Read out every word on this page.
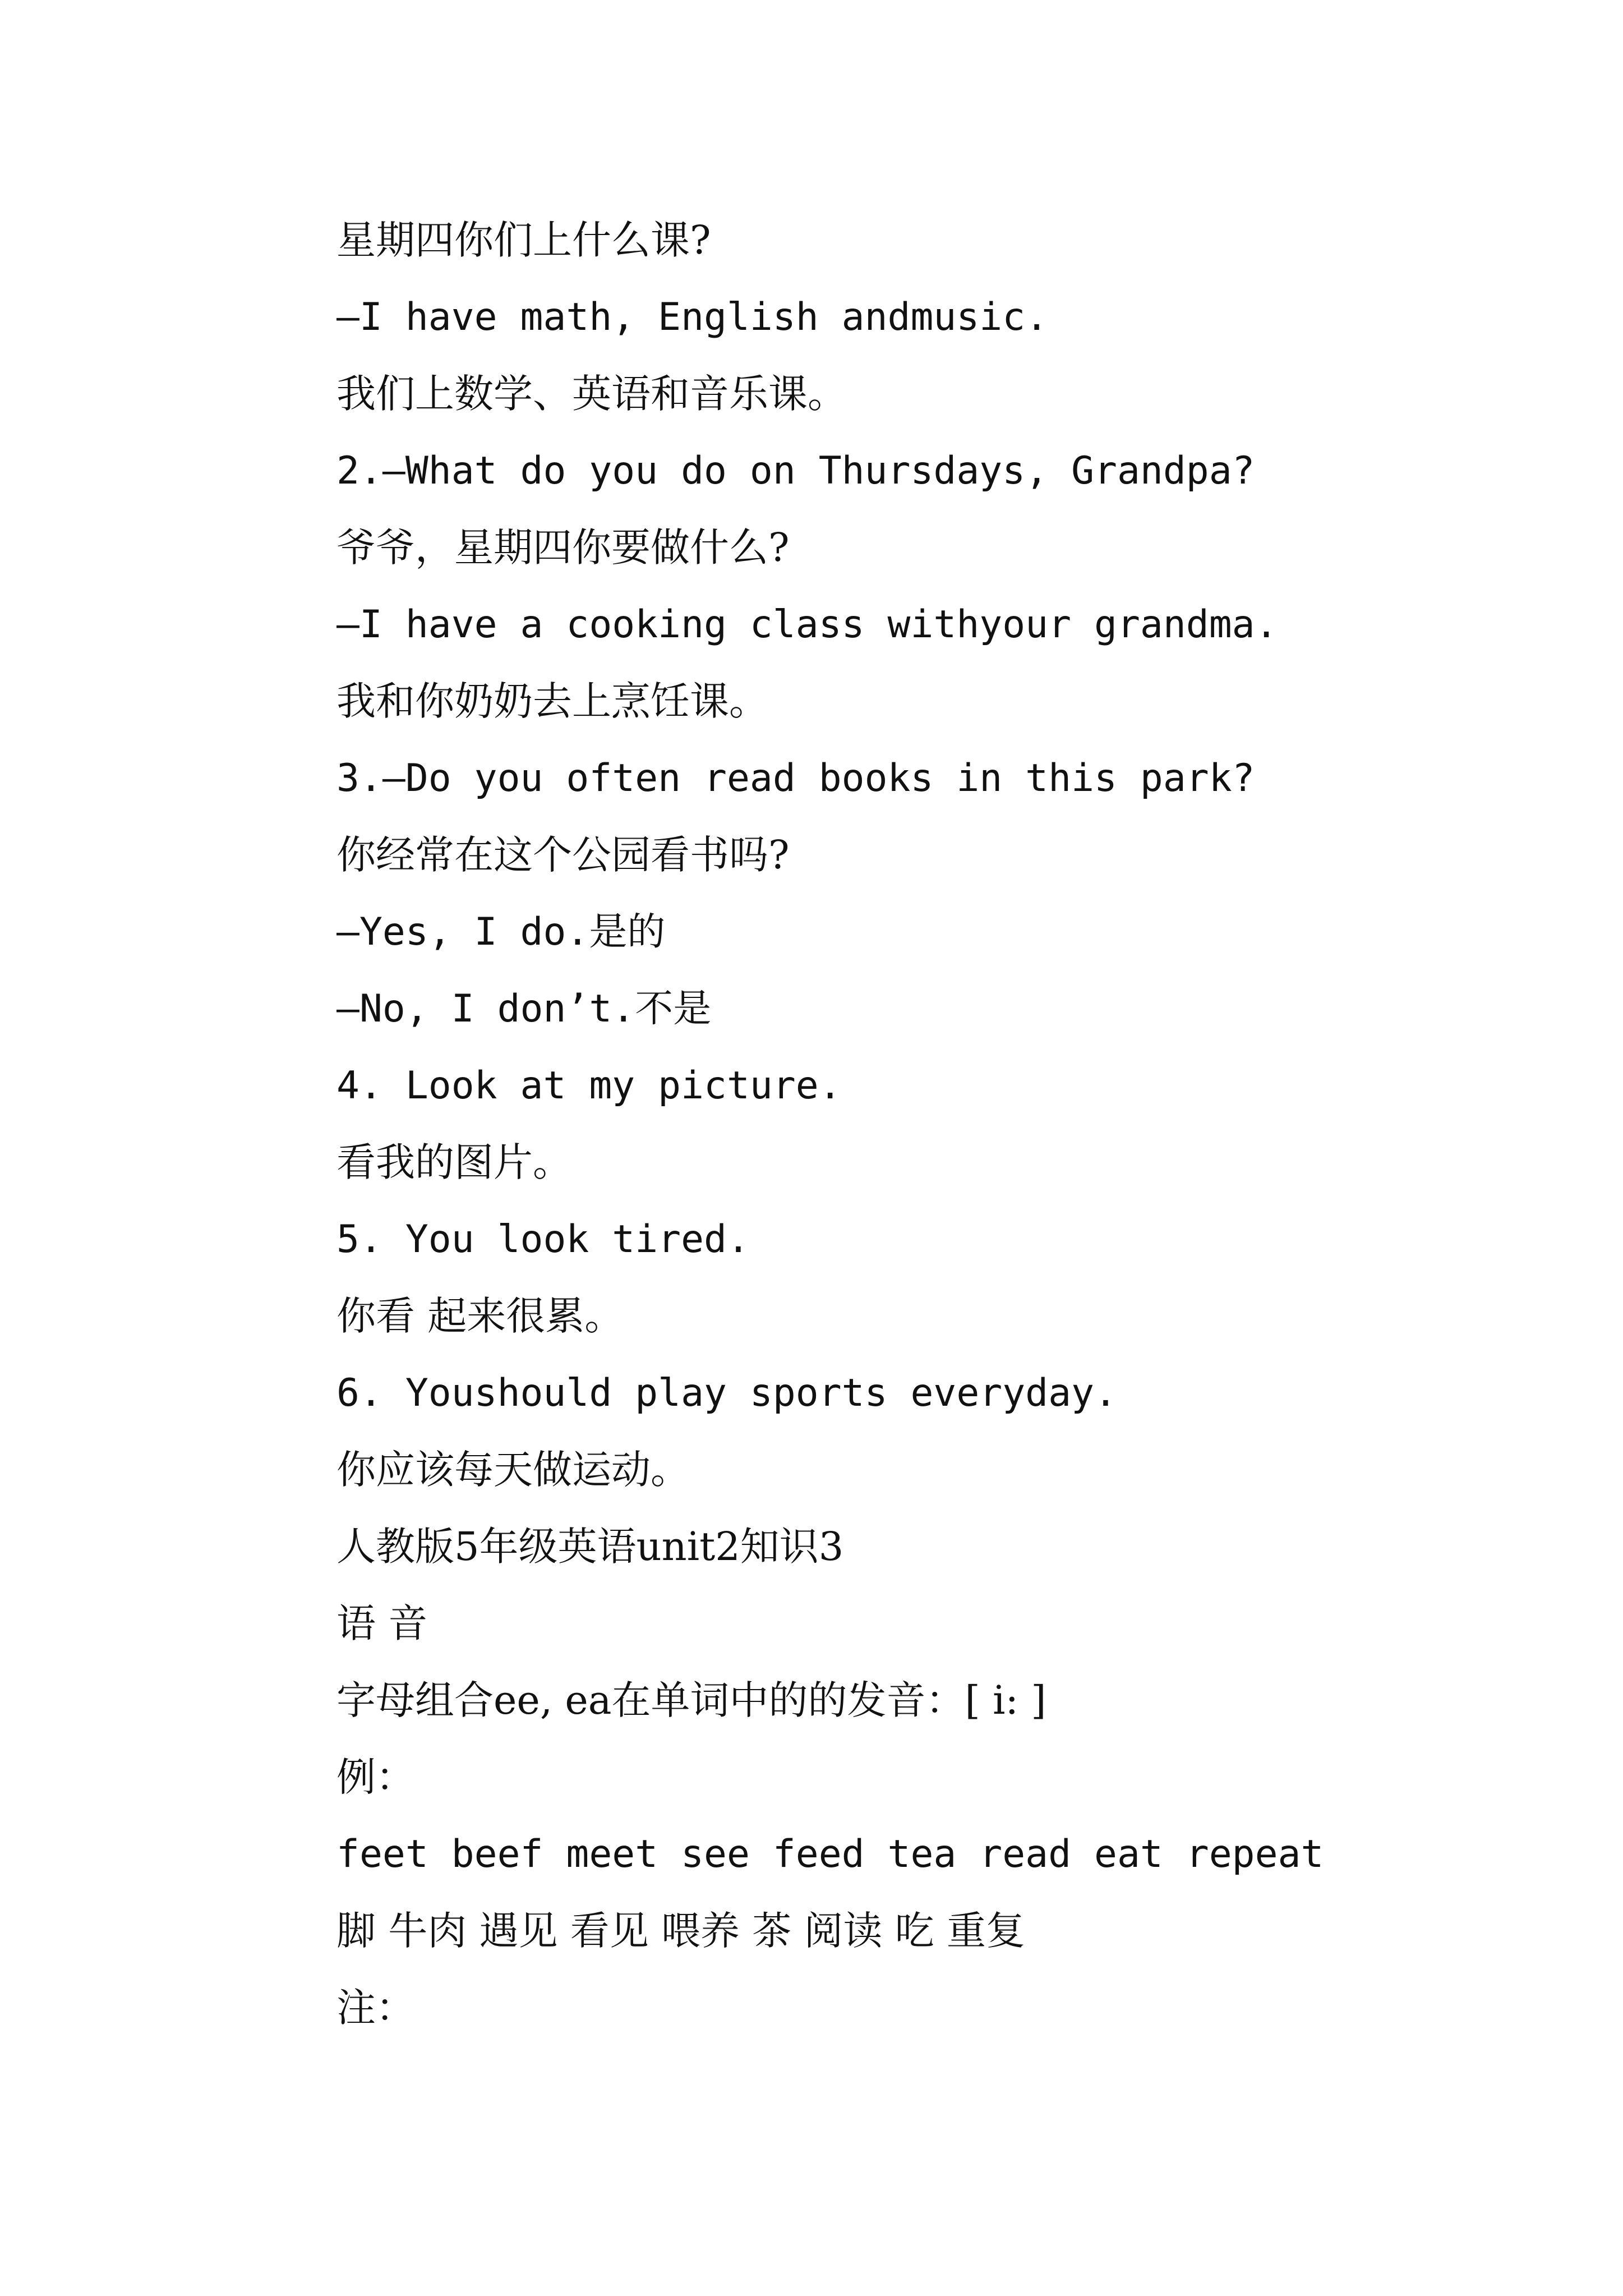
星期四你们上什么课?
—I have math, English andmusic.
我们上数学、英语和音乐课。
2.—What do you do on Thursdays, Grandpa?
爷爷，星期四你要做什么?
—I have a cooking class withyour grandma.
我和你奶奶去上烹饪课。
3.—Do you often read books in this park?
你经常在这个公园看书吗?
—Yes, I do.是的
—No, I don’t.不是
4. Look at my picture.
看我的图片。
5. You look tired.
你看 起来很累。
6. Youshould play sports everyday.
你应该每天做运动。
人教版5年级英语unit2知识3
语 音
字母组合ee, ea在单词中的的发音：[ i: ]
例：
feet beef meet see feed tea read eat repeat
脚 牛肉 遇见 看见 喂养 茶 阅读 吃 重复
注：
